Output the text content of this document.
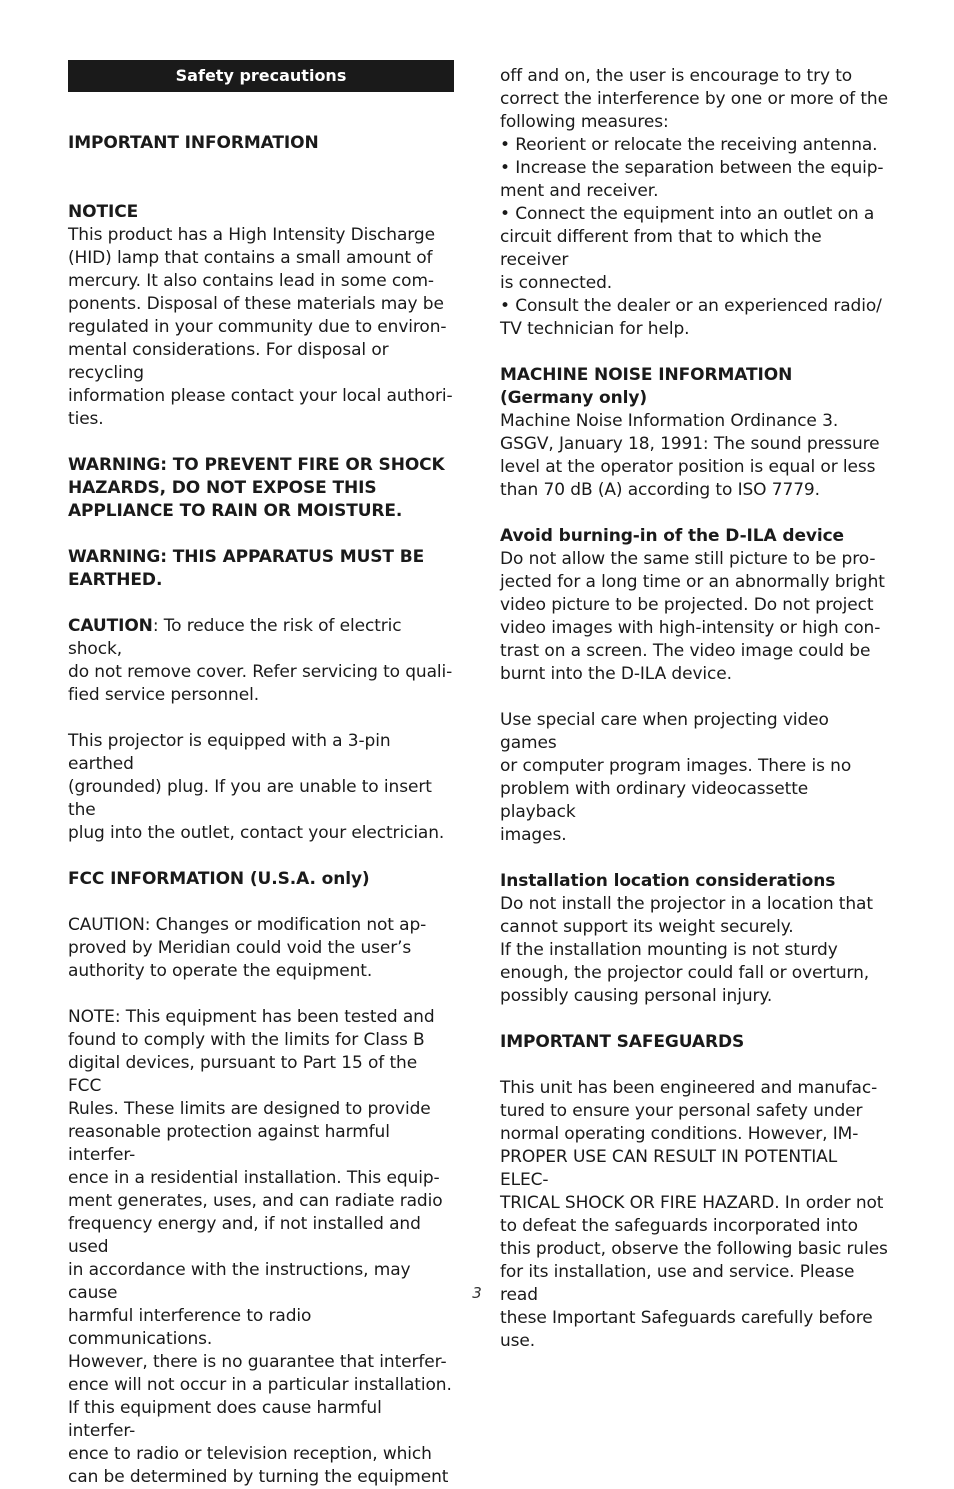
Safety precautions

IMPORTANT INFORMATION

NOTICE

This product has a High Intensity Discharge
(HID) lamp that contains a small amount of
mercury. It also contains lead in some com-
ponents. Disposal of these materials may be
regulated in your community due to environ-
mental considerations. For disposal or recycling
information please contact your local authori-
ties.

WARNING: TO PREVENT FIRE OR SHOCK
HAZARDS, DO NOT EXPOSE THIS
APPLIANCE TO RAIN OR MOISTURE.

WARNING: THIS APPARATUS MUST BE
EARTHED.

CAUTION: To reduce the risk of electric shock,
do not remove cover. Refer servicing to quali-
fied service personnel.

This projector is equipped with a 3-pin earthed
(grounded) plug. If you are unable to insert the
plug into the outlet, contact your electrician.

FCC INFORMATION (U.S.A. only)

CAUTION: Changes or modification not ap-
proved by Meridian could void the user’s
authority to operate the equipment.

NOTE: This equipment has been tested and
found to comply with the limits for Class B
digital devices, pursuant to Part 15 of the FCC
Rules. These limits are designed to provide
reasonable protection against harmful interfer-
ence in a residential installation. This equip-
ment generates, uses, and can radiate radio
frequency energy and, if not installed and used
in accordance with the instructions, may cause
harmful interference to radio communications.
However, there is no guarantee that interfer-
ence will not occur in a particular installation.
If this equipment does cause harmful interfer-
ence to radio or television reception, which
can be determined by turning the equipment

off and on, the user is encourage to try to
correct the interference by one or more of the
following measures:
• Reorient or relocate the receiving antenna.
• Increase the separation between the equip-
ment and receiver.
• Connect the equipment into an outlet on a
circuit different from that to which the receiver
is connected.
• Consult the dealer or an experienced radio/
TV technician for help.

MACHINE NOISE INFORMATION
(Germany only)

Machine Noise Information Ordinance 3.
GSGV, January 18, 1991: The sound pressure
level at the operator position is equal or less
than 70 dB (A) according to ISO 7779.

Avoid burning-in of the D-ILA device

Do not allow the same still picture to be pro-
jected for a long time or an abnormally bright
video picture to be projected. Do not project
video images with high-intensity or high con-
trast on a screen. The video image could be
burnt into the D-ILA device.

Use special care when projecting video games
or computer program images. There is no
problem with ordinary videocassette playback
images.

Installation location considerations

Do not install the projector in a location that
cannot support its weight securely.
If the installation mounting is not sturdy
enough, the projector could fall or overturn,
possibly causing personal injury.

IMPORTANT SAFEGUARDS

This unit has been engineered and manufac-
tured to ensure your personal safety under
normal operating conditions. However, IM-
PROPER USE CAN RESULT IN POTENTIAL ELEC-
TRICAL SHOCK OR FIRE HAZARD. In order not
to defeat the safeguards incorporated into
this product, observe the following basic rules
for its installation, use and service. Please read
these Important Safeguards carefully before
use.

3
